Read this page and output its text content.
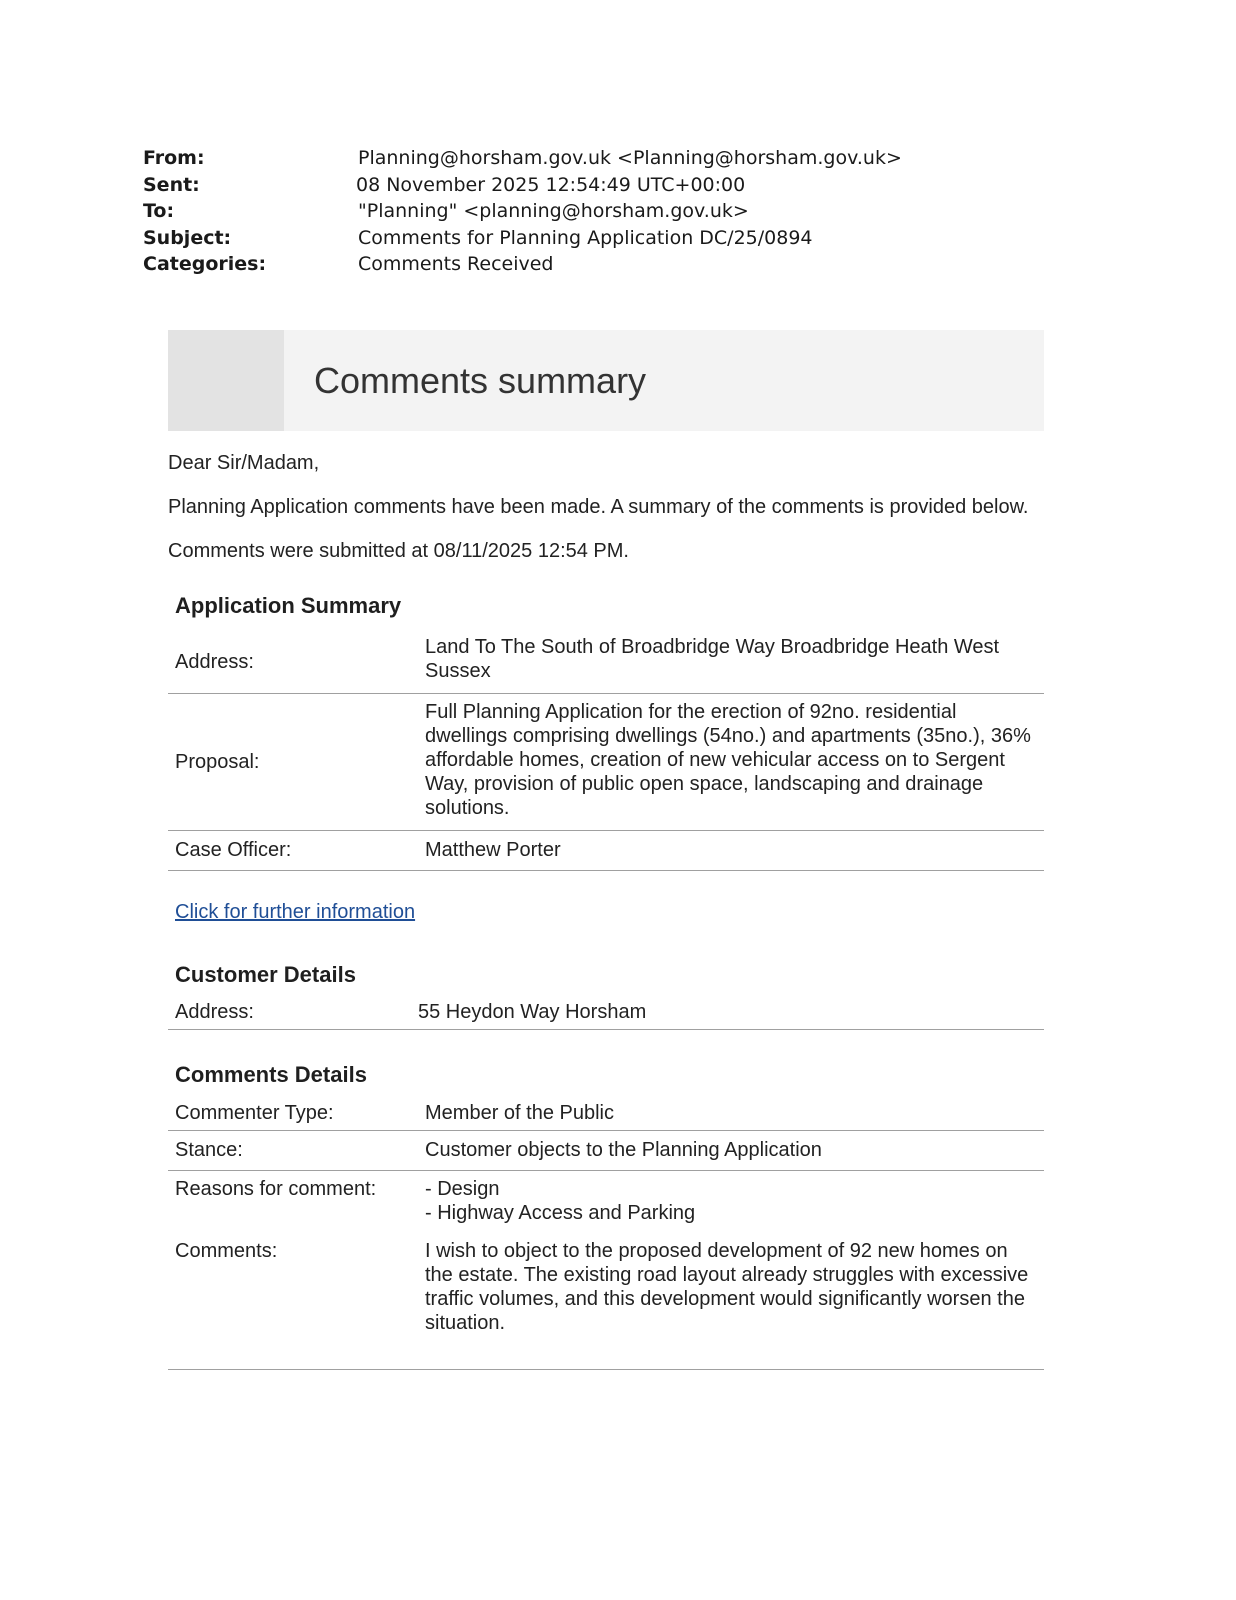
From:	Planning@horsham.gov.uk <Planning@horsham.gov.uk>
Sent:	08 November 2025 12:54:49 UTC+00:00
To:	"Planning" <planning@horsham.gov.uk>
Subject:	Comments for Planning Application DC/25/0894
Categories:	Comments Received
Comments summary

Dear Sir/Madam,

Planning Application comments have been made. A summary of the comments is provided below.

Comments were submitted at 08/11/2025 12:54 PM.

Application Summary
Address:	Land To The South of Broadbridge Way Broadbridge Heath West Sussex
Proposal:	Full Planning Application for the erection of 92no. residential dwellings comprising dwellings (54no.) and apartments (35no.), 36% affordable homes, creation of new vehicular access on to Sergent Way, provision of public open space, landscaping and drainage solutions.
Case Officer:	Matthew Porter
Click for further information
Customer Details
Address:	55 Heydon Way Horsham
Comments Details
Commenter Type:	Member of the Public
Stance:	Customer objects to the Planning Application
Reasons for comment:	- Design
- Highway Access and Parking

Comments:	I wish to object to the proposed development of 92 new homes on the estate. The existing road layout already struggles with excessive traffic volumes, and this development would significantly worsen the situation.
